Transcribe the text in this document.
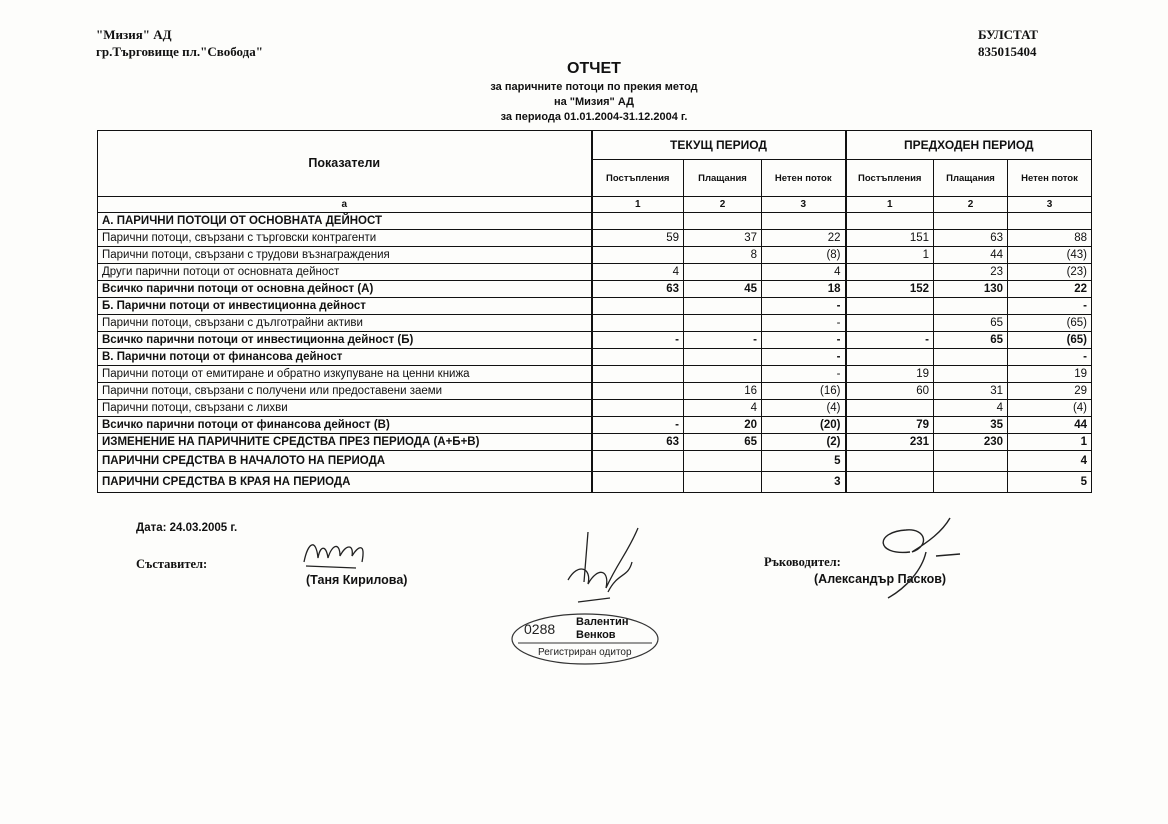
"Мизия" АД
гр.Търговище пл."Свобода"
БУЛСТАТ
835015404
ОТЧЕТ
за паричните потоци по прекия метод
на "Мизия" АД
за периода 01.01.2004-31.12.2004 г.
Показатели	ТЕКУЩ ПЕРИОД			ПРЕДХОДЕН ПЕРИОД		
	Постъпления	Плащания	Нетен поток	Постъпления	Плащания	Нетен поток
а	1	2	3	1	2	3
А. ПАРИЧНИ ПОТОЦИ ОТ ОСНОВНАТА ДЕЙНОСТ						
Парични потоци, свързани с търговски контрагенти	59	37	22	151	63	88
Парични потоци, свързани с трудови възнаграждения		8	(8)	1	44	(43)
Други парични потоци от основната дейност	4		4		23	(23)
Всичко парични потоци от основна дейност (А)	63	45	18	152	130	22
Б. Парични потоци от инвестиционна дейност			-			-
Парични потоци, свързани с дълготрайни активи			-		65	(65)
Всичко парични потоци от инвестиционна дейност (Б)	-	-	-	-	65	(65)
В. Парични потоци от финансова дейност			-			-
Парични потоци от емитиране и обратно изкупуване на ценни книжа			-	19		19
Парични потоци, свързани с получени или предоставени заеми		16	(16)	60	31	29
Парични потоци, свързани с лихви		4	(4)		4	(4)
Всичко парични потоци от финансова дейност (В)	-	20	(20)	79	35	44
ИЗМЕНЕНИЕ НА ПАРИЧНИТЕ СРЕДСТВА ПРЕЗ ПЕРИОДА (А+Б+В)	63	65	(2)	231	230	1
ПАРИЧНИ СРЕДСТВА В НАЧАЛОТО НА ПЕРИОДА			5			4
ПАРИЧНИ СРЕДСТВА В КРАЯ НА ПЕРИОДА			3			5
Дата: 24.03.2005 г.
Съставител:
(Таня Кирилова)
Ръководител:
(Александър Пасков)
0288 Валентин
Венков
Регистриран одитор
